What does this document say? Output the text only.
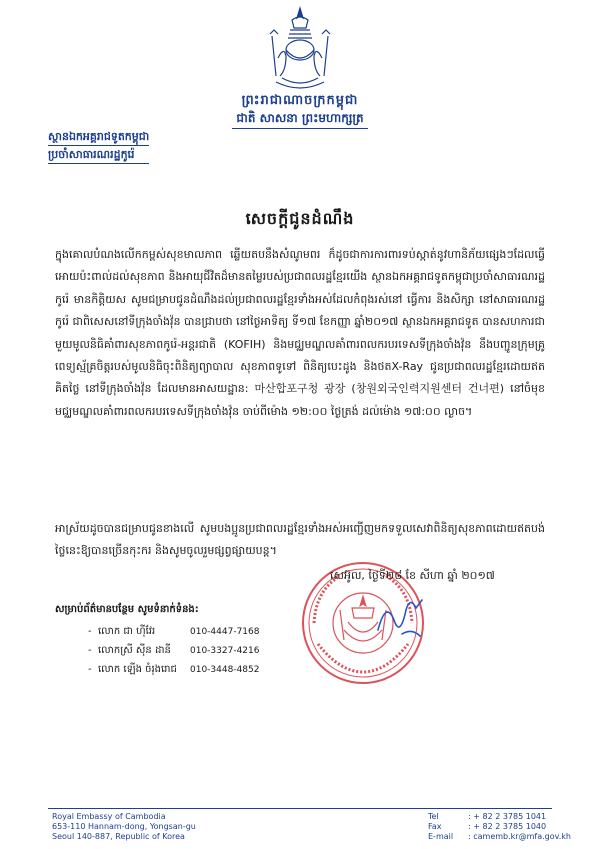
ព្រះរាជាណាចក្រកម្ពុជា
ជាតិ សាសនា ព្រះមហាក្សត្រ
ស្ថានឯកអគ្គរាជទូតកម្ពុជា
ប្រចាំសាធារណរដ្ឋកូរ៉េ
សេចក្តីជូនដំណឹង
ក្នុងគោលបំណងលើកកម្ពស់សុខមាលភាព ឆ្លើយតបនឹងសំណូមពរ ក៏ដូចជាការការពារទប់ស្កាត់នូវហានិភ័យផ្សេងៗដែលធ្វើអោយប៉ះពាល់ដល់សុខភាព និងអាយុជីវិតដ៏មានតម្លៃរបស់ប្រជាពលរដ្ឋខ្មែរយើង ស្ថានឯកអគ្គរាជទូតកម្ពុជាប្រចាំសាធារណរដ្ឋកូរ៉េ មានកិត្តិយស សូមជម្រាបជូនដំណឹងដល់ប្រជាពលរដ្ឋខ្មែរទាំងអស់ដែលកំពុងរស់នៅ ធ្វើការ និងសិក្សា នៅសាធារណរដ្ឋកូរ៉េ ជាពិសេសនៅទីក្រុងចាំងវ៉ុន បានជ្រាបថា នៅថ្ងៃអាទិត្យ ទី១៧ ខែកញ្ញា ឆ្នាំ២០១៧ ស្ថានឯកអគ្គរាជទូត បានសហការជាមួយមូលនិធិគាំពារសុខភាពកូរ៉េ-អន្តរជាតិ (KOFIH) និងមជ្ឈមណ្ឌលគាំពារពលករបរទេសទីក្រុងចាំងវ៉ុន នឹងបញ្ជូនក្រុមគ្រូពេទ្យស្ម័គ្រចិត្តរបស់មូលនិធិចុះពិនិត្យព្យាបាល សុខភាពទូទៅ ពិនិត្យបេះដូង និងថតX-Ray ជូនប្រជាពលរដ្ឋខ្មែរដោយឥតគិតថ្លៃ នៅទីក្រុងចាំងវ៉ុន ដែលមានអាសយដ្ឋាន: 마산합포구청 광장 (창원외국인력지원센터 건너편) នៅចំមុខមជ្ឈមណ្ឌលគាំពារពលករបរទេសទីក្រុងចាំងវ៉ុន ចាប់ពីម៉ោង ១២:០០ ថ្ងៃត្រង់ ដល់ម៉ោង ១៧:០០ ល្ងាច។
អាស្រ័យដូចបានជម្រាបជូនខាងលើ សូមបងប្អូនប្រជាពលរដ្ឋខ្មែរទាំងអស់អញ្ជើញមកទទួលសេវាពិនិត្យសុខភាពដោយឥតបង់ថ្លៃនេះឱ្យបានច្រើនកុះករ និងសូមចូលរួមផ្សព្វផ្សាយបន្ត។
សេអ៊ូល, ថ្ងៃទី២៨ ខែ សីហា ឆ្នាំ ២០១៧
សម្រាប់ព័ត៌មានបន្ថែម សូមទំនាក់ទំនង:
- លោក ជា ហ៊ីវែរ	010-4447-7168
- លោកស្រី ស៊ីន ដានី 010-3327-4216
- លោក ឡើង ចំរុងរោជ 010-3448-4852
Royal Embassy of Cambodia
653-110 Hannam-dong, Yongsan-gu
Seoul 140-887, Republic of Korea
Tel	: + 82 2 3785 1041
Fax	: + 82 2 3785 1040
E-mail : camemb.kr@mfa.gov.kh
